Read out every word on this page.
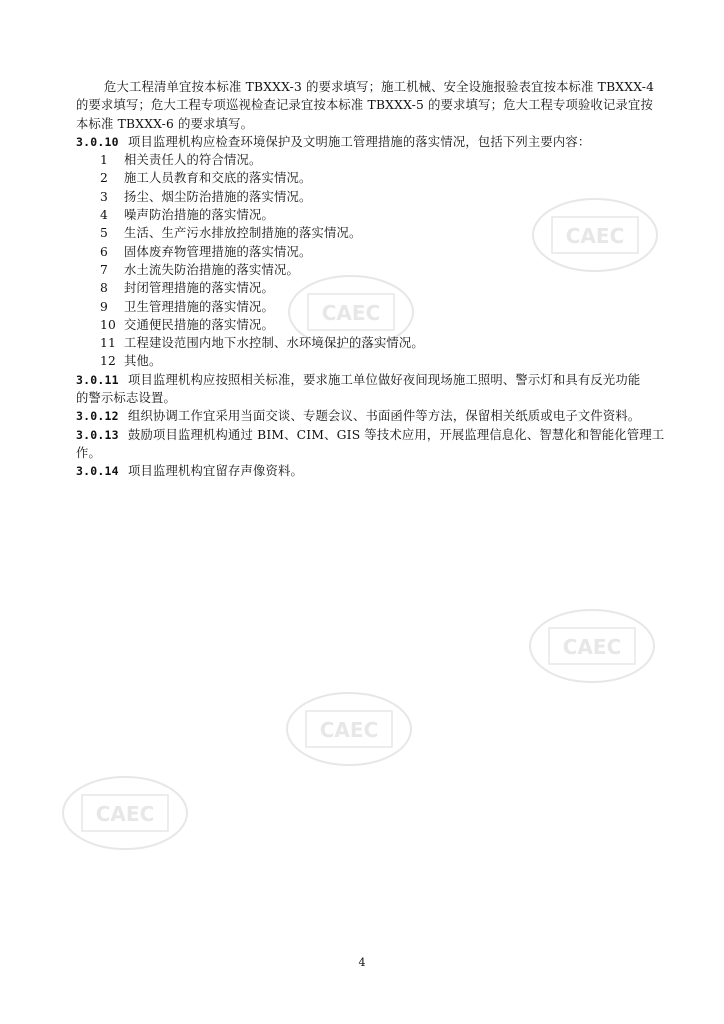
CAEC
CAEC
CAEC
CAEC
CAEC
危大工程清单宜按本标准 TBXXX-3 的要求填写；施工机械、安全设施报验表宜按本标准 TBXXX-4
的要求填写；危大工程专项巡视检查记录宜按本标准 TBXXX-5 的要求填写；危大工程专项验收记录宜按
本标准 TBXXX-6 的要求填写。
3.0.10 项目监理机构应检查环境保护及文明施工管理措施的落实情况，包括下列主要内容：
1 相关责任人的符合情况。
2 施工人员教育和交底的落实情况。
3 扬尘、烟尘防治措施的落实情况。
4 噪声防治措施的落实情况。
5 生活、生产污水排放控制措施的落实情况。
6 固体废弃物管理措施的落实情况。
7 水土流失防治措施的落实情况。
8 封闭管理措施的落实情况。
9 卫生管理措施的落实情况。
10 交通便民措施的落实情况。
11 工程建设范围内地下水控制、水环境保护的落实情况。
12 其他。
3.0.11 项目监理机构应按照相关标准，要求施工单位做好夜间现场施工照明、警示灯和具有反光功能
的警示标志设置。
3.0.12 组织协调工作宜采用当面交谈、专题会议、书面函件等方法，保留相关纸质或电子文件资料。
3.0.13 鼓励项目监理机构通过 BIM、CIM、GIS 等技术应用，开展监理信息化、智慧化和智能化管理工
作。
3.0.14 项目监理机构宜留存声像资料。
4
